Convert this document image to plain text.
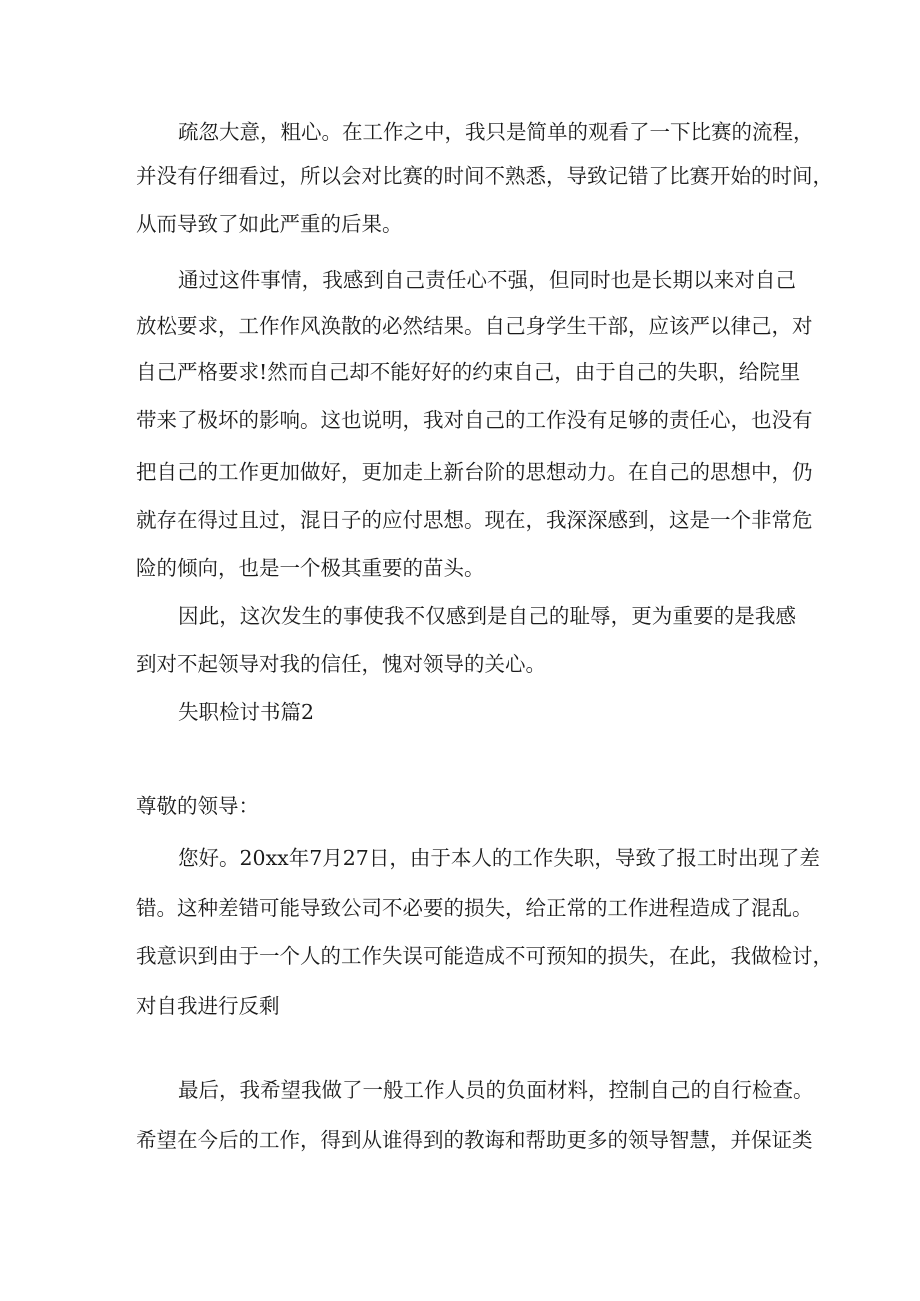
疏忽大意，粗心。在工作之中，我只是简单的观看了一下比赛的流程，
并没有仔细看过，所以会对比赛的时间不熟悉，导致记错了比赛开始的时间，
从而导致了如此严重的后果。
通过这件事情，我感到自己责任心不强，但同时也是长期以来对自己
放松要求，工作作风涣散的必然结果。自己身学生干部，应该严以律己，对
自己严格要求!然而自己却不能好好的约束自己，由于自己的失职，给院里
带来了极坏的影响。这也说明，我对自己的工作没有足够的责任心，也没有
把自己的工作更加做好，更加走上新台阶的思想动力。在自己的思想中，仍
就存在得过且过，混日子的应付思想。现在，我深深感到，这是一个非常危
险的倾向，也是一个极其重要的苗头。
因此，这次发生的事使我不仅感到是自己的耻辱，更为重要的是我感
到对不起领导对我的信任，愧对领导的关心。
失职检讨书篇2
尊敬的领导：
您好。20xx年7月27日，由于本人的工作失职，导致了报工时出现了差
错。这种差错可能导致公司不必要的损失，给正常的工作进程造成了混乱。
我意识到由于一个人的工作失误可能造成不可预知的损失，在此，我做检讨，
对自我进行反剩
最后，我希望我做了一般工作人员的负面材料，控制自己的自行检查。
希望在今后的工作，得到从谁得到的教诲和帮助更多的领导智慧，并保证类
